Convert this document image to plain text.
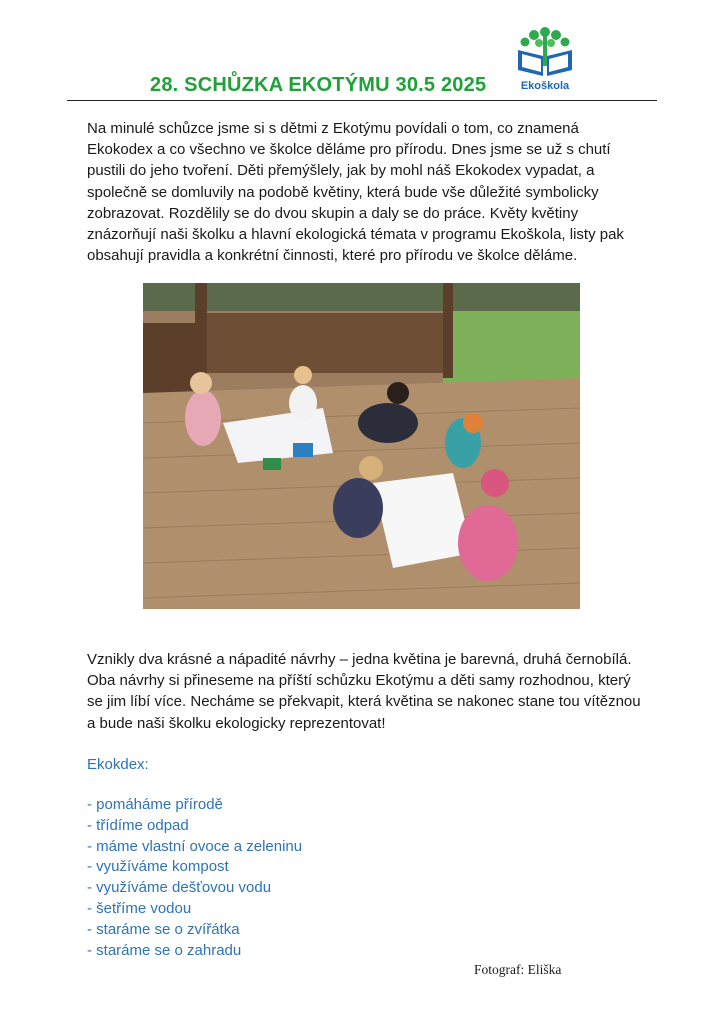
28. SCHŮZKA EKOTÝMU 30.5 2025	Ekoškola
Na minulé schůzce jsme si s dětmi z Ekotýmu povídali o tom, co znamená Ekokodex a co všechno ve školce děláme pro přírodu. Dnes jsme se už s chutí pustili do jeho tvoření. Děti přemýšlely, jak by mohl náš Ekokodex vypadat, a společně se domluvily na podobě květiny, která bude vše důležité symbolicky zobrazovat. Rozdělily se do dvou skupin a daly se do práce. Květy květiny znázorňují naši školku a hlavní ekologická témata v programu Ekoškola, listy pak obsahují pravidla a konkrétní činnosti, které pro přírodu ve školce děláme.
Vznikly dva krásné a nápadité návrhy – jedna květina je barevná, druhá černobílá. Oba návrhy si přineseme na příští schůzku Ekotýmu a děti samy rozhodnou, který se jim líbí více. Necháme se překvapit, která květina se nakonec stane tou vítěznou a bude naši školku ekologicky reprezentovat!
Ekokdex:
- pomáháme přírodě
- třídíme odpad
- máme vlastní ovoce a zeleninu
- využíváme kompost
- využíváme dešťovou vodu
- šetříme vodou
- staráme se o zvířátka
- staráme se o zahradu
Fotograf: Eliška
